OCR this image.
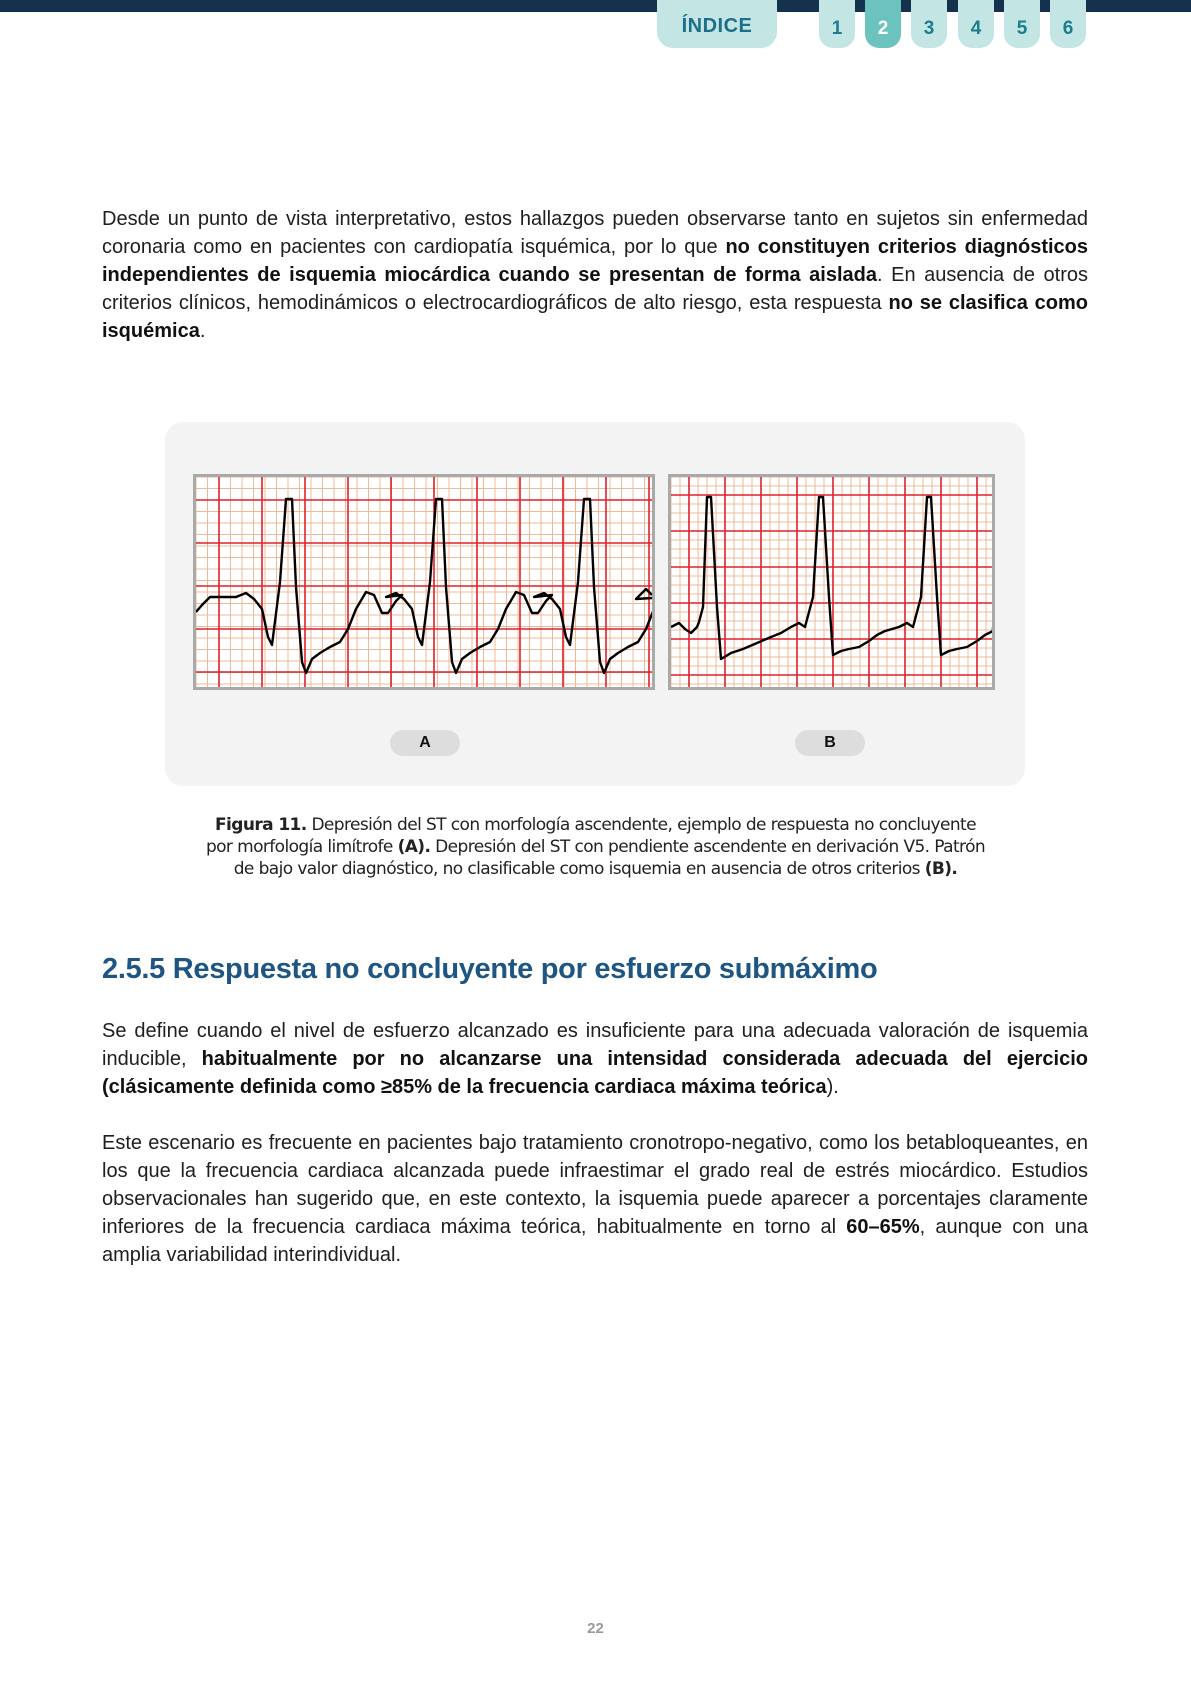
ÍNDICE	1	2	3	4	5	6

Desde un punto de vista interpretativo, estos hallazgos pueden observarse tanto en sujetos sin enfermedad coronaria como en pacientes con cardiopatía isquémica, por lo que no constituyen criterios diagnósticos independientes de isquemia miocárdica cuando se presentan de forma aislada. En ausencia de otros criterios clínicos, hemodinámicos o electrocardiográficos de alto riesgo, esta respuesta no se clasifica como isquémica.

A	B

Figura 11. Depresión del ST con morfología ascendente, ejemplo de respuesta no concluyente por morfología limítrofe (A). Depresión del ST con pendiente ascendente en derivación V5. Patrón de bajo valor diagnóstico, no clasificable como isquemia en ausencia de otros criterios (B).

2.5.5 Respuesta no concluyente por esfuerzo submáximo

Se define cuando el nivel de esfuerzo alcanzado es insuficiente para una adecuada valoración de isquemia inducible, habitualmente por no alcanzarse una intensidad considerada adecuada del ejercicio (clásicamente definida como ≥85% de la frecuencia cardiaca máxima teórica).

Este escenario es frecuente en pacientes bajo tratamiento cronotropo-negativo, como los betabloqueantes, en los que la frecuencia cardiaca alcanzada puede infraestimar el grado real de estrés miocárdico. Estudios observacionales han sugerido que, en este contexto, la isquemia puede aparecer a porcentajes claramente inferiores de la frecuencia cardiaca máxima teórica, habitualmente en torno al 60–65%, aunque con una amplia variabilidad interindividual.

22
